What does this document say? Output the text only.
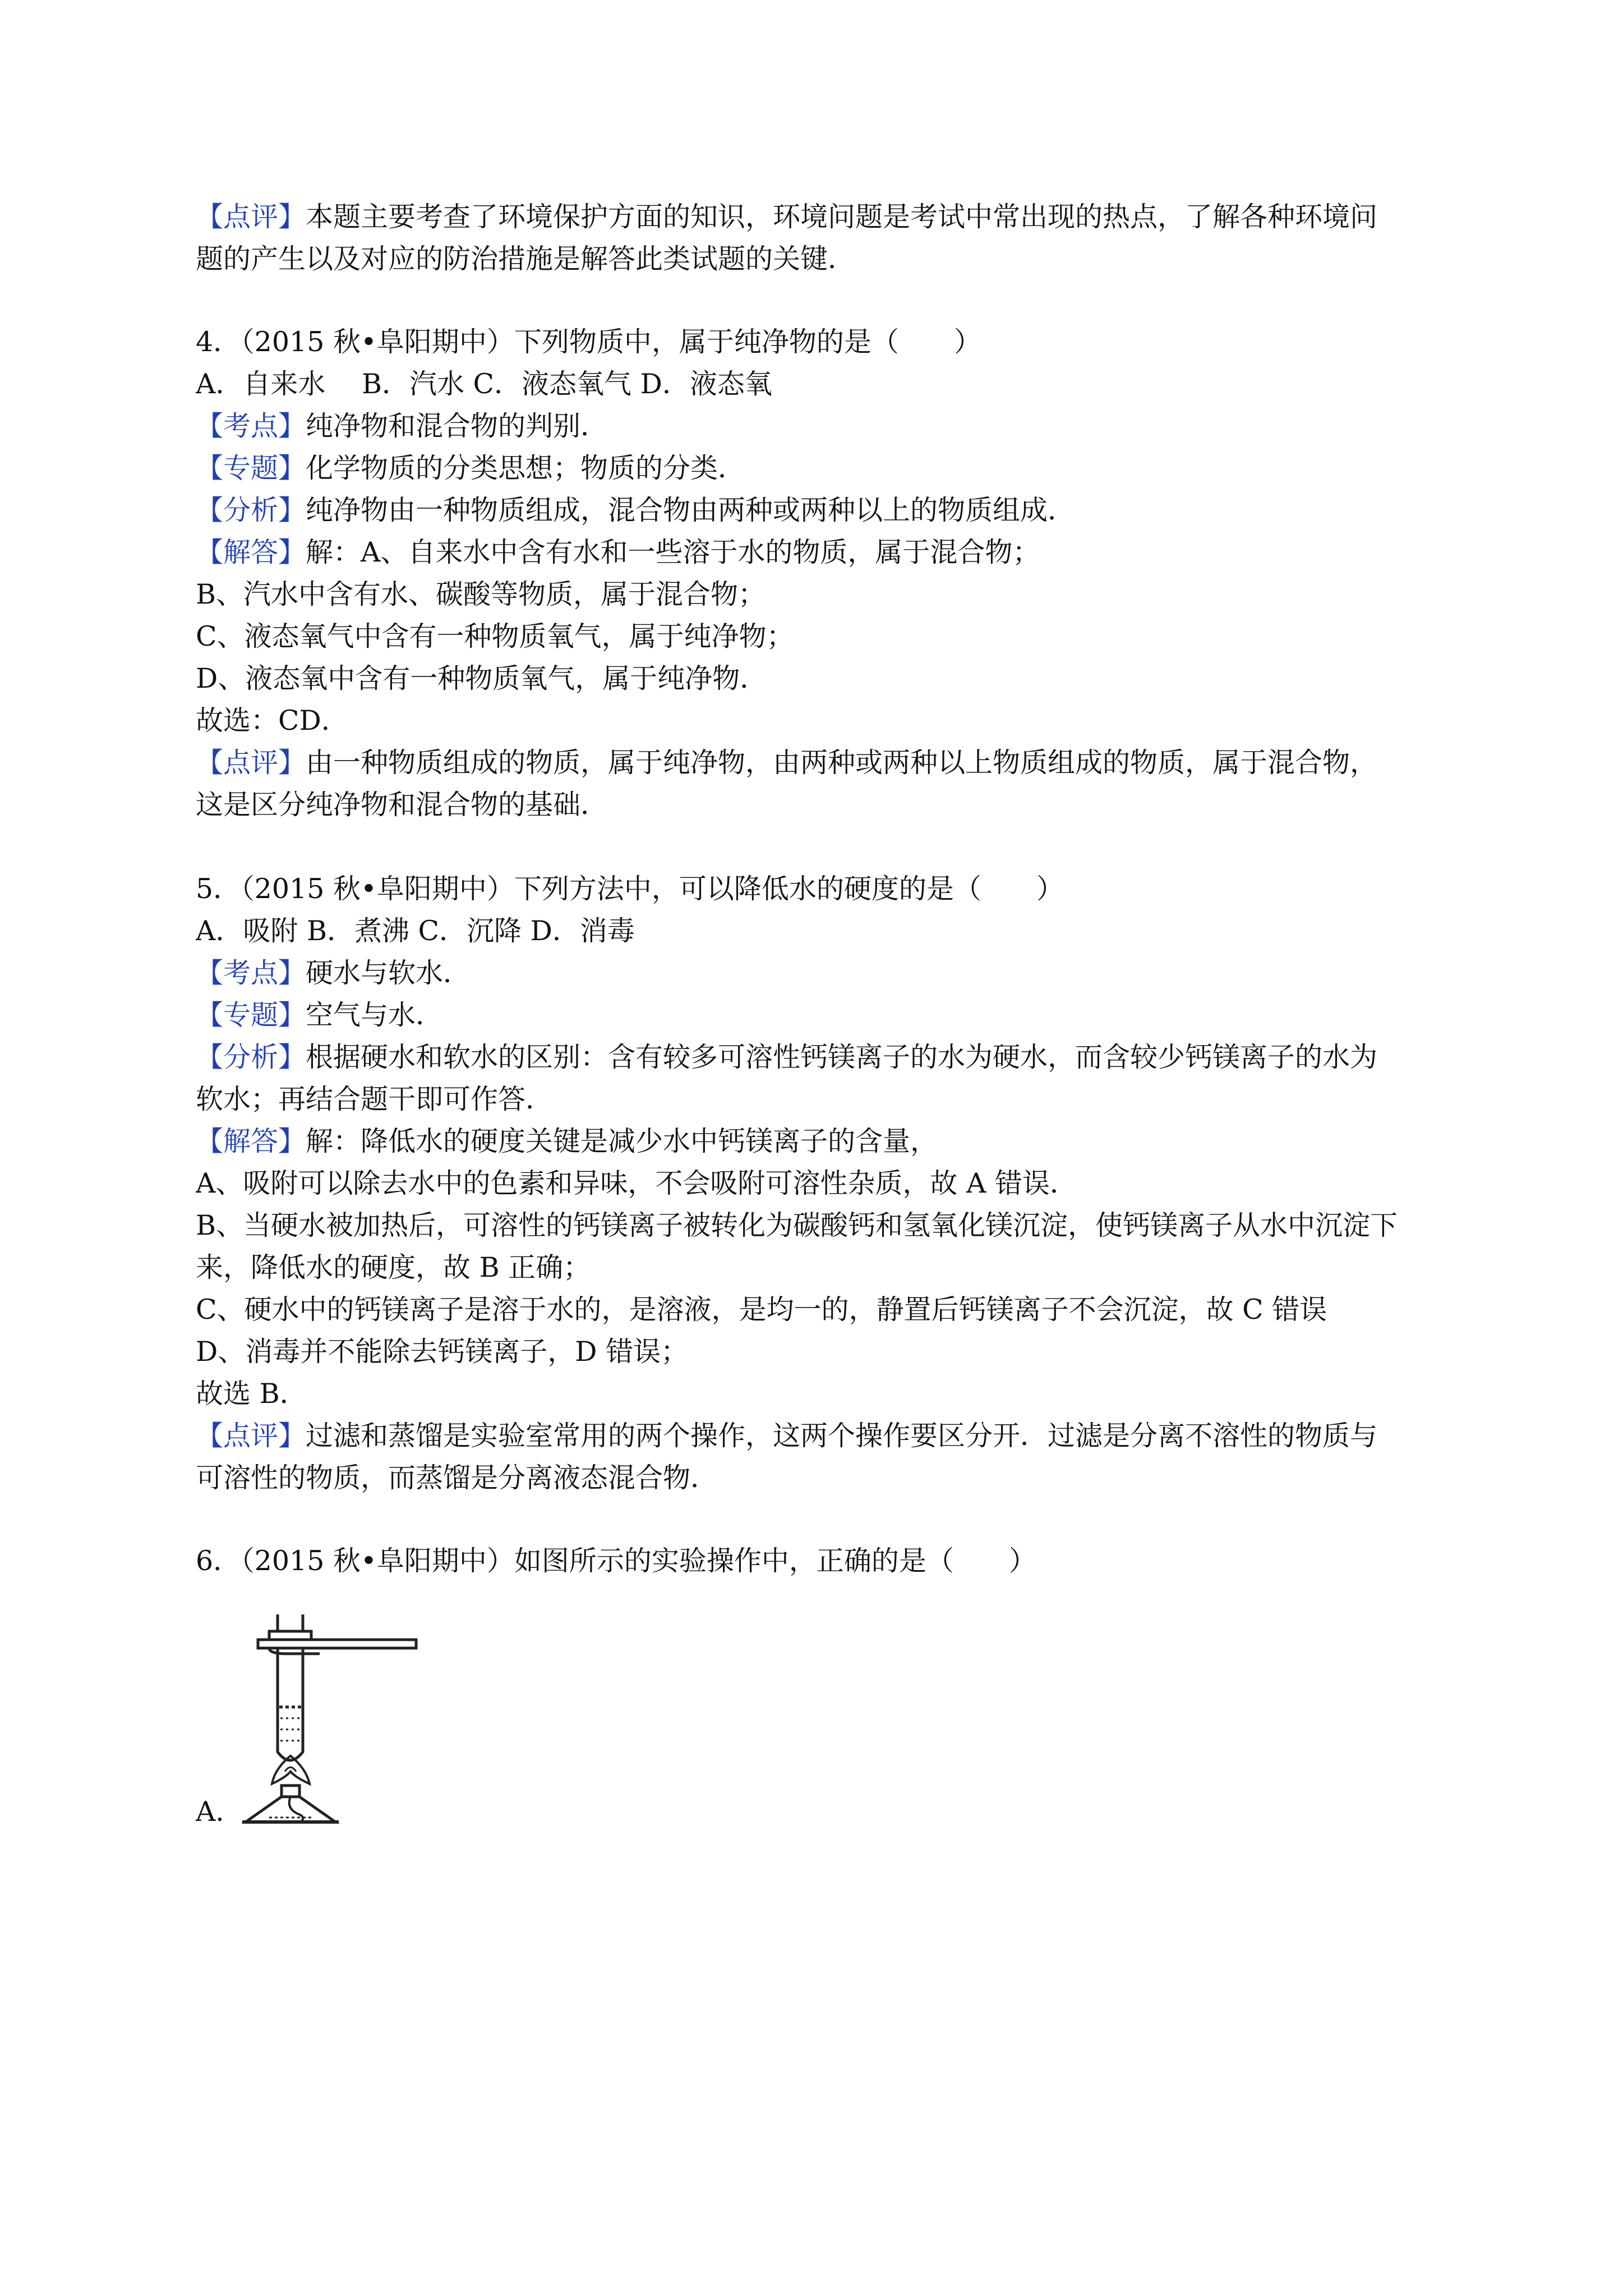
【点评】本题主要考查了环境保护方面的知识，环境问题是考试中常出现的热点，了解各种环境问
题的产生以及对应的防治措施是解答此类试题的关键．
4．（2015 秋•阜阳期中）下列物质中，属于纯净物的是（　　）
A．自来水　 B．汽水 C．液态氧气 D．液态氧
【考点】纯净物和混合物的判别．
【专题】化学物质的分类思想；物质的分类．
【分析】纯净物由一种物质组成，混合物由两种或两种以上的物质组成．
【解答】解：A、自来水中含有水和一些溶于水的物质，属于混合物；
B、汽水中含有水、碳酸等物质，属于混合物；
C、液态氧气中含有一种物质氧气，属于纯净物；
D、液态氧中含有一种物质氧气，属于纯净物．
故选：CD．
【点评】由一种物质组成的物质，属于纯净物，由两种或两种以上物质组成的物质，属于混合物，
这是区分纯净物和混合物的基础．
5．（2015 秋•阜阳期中）下列方法中，可以降低水的硬度的是（　　）
A．吸附 B．煮沸 C．沉降 D．消毒
【考点】硬水与软水．
【专题】空气与水．
【分析】根据硬水和软水的区别：含有较多可溶性钙镁离子的水为硬水，而含较少钙镁离子的水为
软水；再结合题干即可作答．
【解答】解：降低水的硬度关键是减少水中钙镁离子的含量，
A、吸附可以除去水中的色素和异味，不会吸附可溶性杂质，故 A 错误．
B、当硬水被加热后，可溶性的钙镁离子被转化为碳酸钙和氢氧化镁沉淀，使钙镁离子从水中沉淀下
来，降低水的硬度，故 B 正确；
C、硬水中的钙镁离子是溶于水的，是溶液，是均一的，静置后钙镁离子不会沉淀，故 C 错误
D、消毒并不能除去钙镁离子，D 错误；
故选 B．
【点评】过滤和蒸馏是实验室常用的两个操作，这两个操作要区分开．过滤是分离不溶性的物质与
可溶性的物质，而蒸馏是分离液态混合物．
6．（2015 秋•阜阳期中）如图所示的实验操作中，正确的是（　　）
A．
